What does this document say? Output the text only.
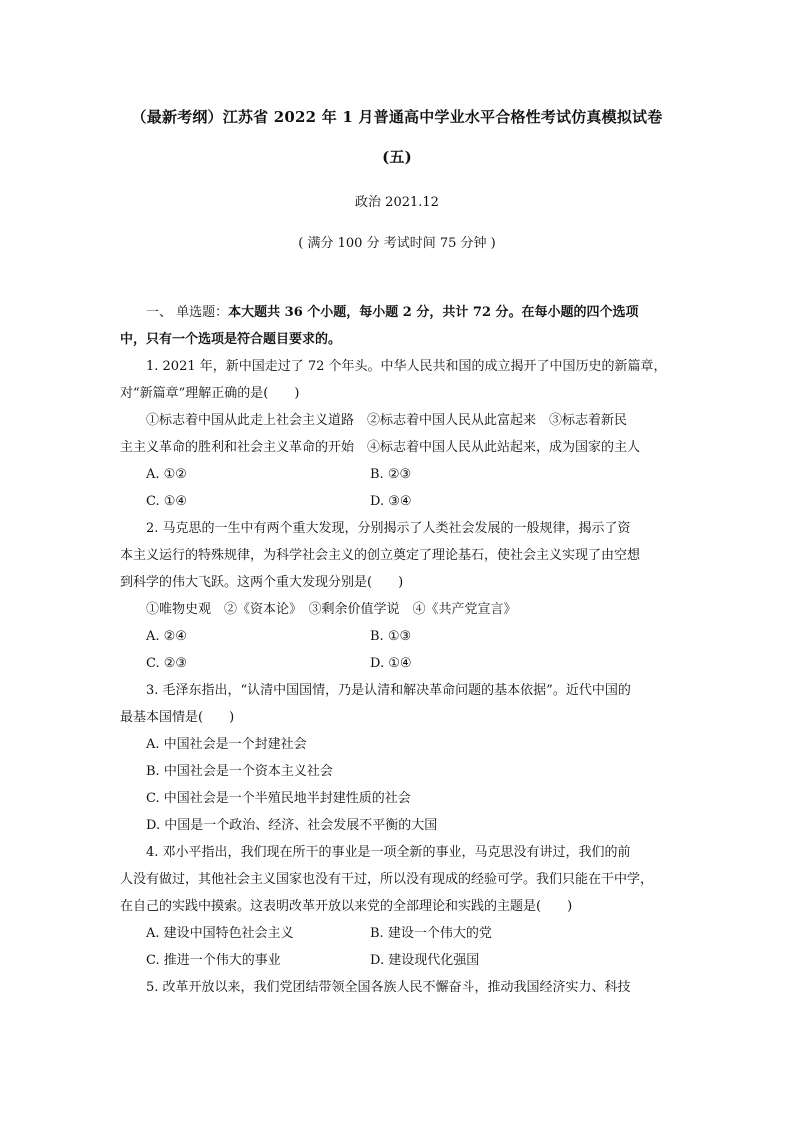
（最新考纲）江苏省 2022 年 1 月普通高中学业水平合格性考试仿真模拟试卷
(五)
政治 2021.12
( 满分 100 分 考试时间 75 分钟 )
一、 单选题：本大题共 36 个小题，每小题 2 分，共计 72 分。在每小题的四个选项
中，只有一个选项是符合题目要求的。
1. 2021 年，新中国走过了 72 个年头。中华人民共和国的成立揭开了中国历史的新篇章，
对“新篇章”理解正确的是(　　)
①标志着中国从此走上社会主义道路　②标志着中国人民从此富起来　③标志着新民
主主义革命的胜利和社会主义革命的开始　④标志着中国人民从此站起来，成为国家的主人
A. ①②	B. ②③
C. ①④	D. ③④
2. 马克思的一生中有两个重大发现，分别揭示了人类社会发展的一般规律，揭示了资
本主义运行的特殊规律，为科学社会主义的创立奠定了理论基石，使社会主义实现了由空想
到科学的伟大飞跃。这两个重大发现分别是(　　)
①唯物史观　②《资本论》　③剩余价值学说　④《共产党宣言》
A. ②④	B. ①③
C. ②③	D. ①④
3. 毛泽东指出，“认清中国国情，乃是认清和解决革命问题的基本依据”。近代中国的
最基本国情是(　　)
A. 中国社会是一个封建社会
B. 中国社会是一个资本主义社会
C. 中国社会是一个半殖民地半封建性质的社会
D. 中国是一个政治、经济、社会发展不平衡的大国
4. 邓小平指出，我们现在所干的事业是一项全新的事业，马克思没有讲过，我们的前
人没有做过，其他社会主义国家也没有干过，所以没有现成的经验可学。我们只能在干中学，
在自己的实践中摸索。这表明改革开放以来党的全部理论和实践的主题是(　　)
A. 建设中国特色社会主义	B. 建设一个伟大的党
C. 推进一个伟大的事业	D. 建设现代化强国
5. 改革开放以来，我们党团结带领全国各族人民不懈奋斗，推动我国经济实力、科技
